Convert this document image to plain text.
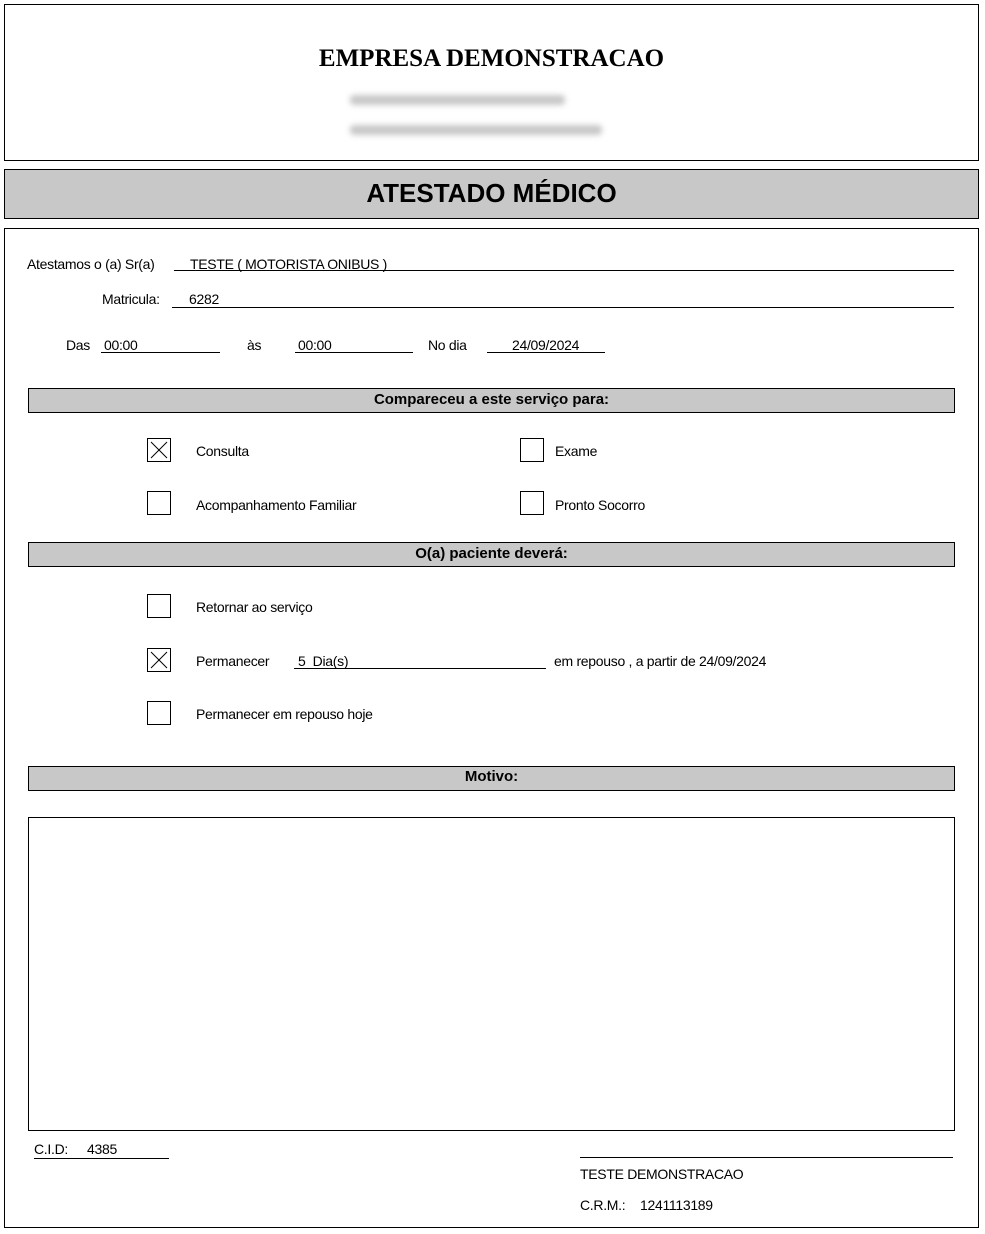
EMPRESA DEMONSTRACAO
ATESTADO MÉDICO
Atestamos o (a) Sr(a)	TESTE ( MOTORISTA ONIBUS )
Matricula: 6282
Das 00:00	às	00:00	No dia	24/09/2024
Compareceu a este serviço para:
Consulta	Exame
Acompanhamento Familiar	Pronto Socorro
O(a) paciente deverá:
Retornar ao serviço
Permanecer 5  Dia(s)	em repouso , a partir de 24/09/2024
Permanecer em repouso hoje
Motivo:
C.I.D: 4385
TESTE DEMONSTRACAO
C.R.M.: 1241113189
